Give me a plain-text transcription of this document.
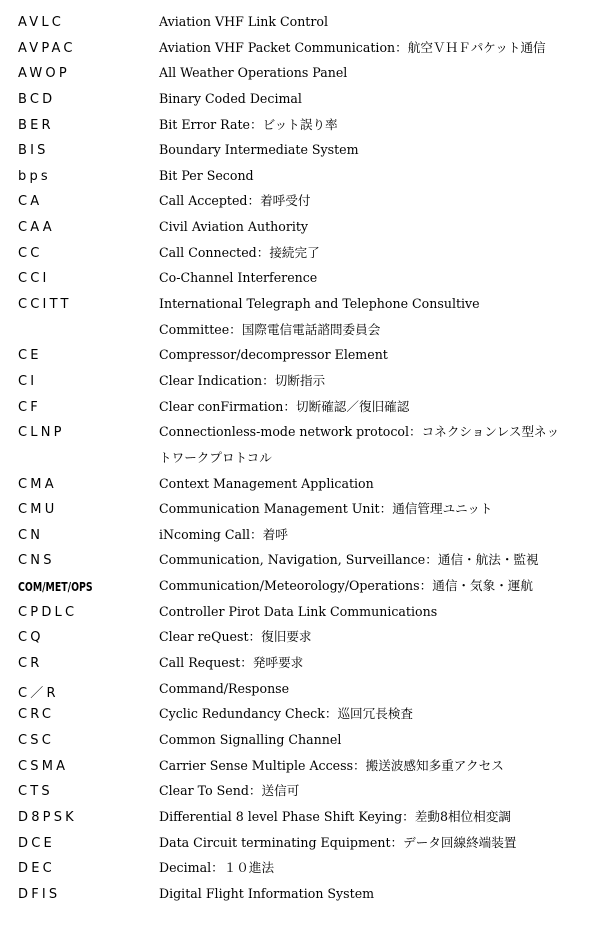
AVLC	Aviation VHF Link Control
AVPAC	Aviation VHF Packet Communication：航空ＶＨＦパケット通信
AWOP	All Weather Operations Panel
BCD	Binary Coded Decimal
BER	Bit Error Rate：ビット誤り率
BIS	Boundary Intermediate System
bps	Bit Per Second
CA	Call Accepted：着呼受付
CAA	Civil Aviation Authority
CC	Call Connected：接続完了
CCI	Co-Channel Interference
CCITT	International Telegraph and Telephone Consultive
Committee：国際電信電話諮問委員会
CE	Compressor/decompressor Element
CI	Clear Indication：切断指示
CF	Clear conFirmation：切断確認／復旧確認
CLNP	Connectionless-mode network protocol：コネクションレス型ネッ
トワークプロトコル
CMA	Context Management Application
CMU	Communication Management Unit：通信管理ユニット
CN	iNcoming Call：着呼
CNS	Communication, Navigation, Surveillance：通信・航法・監視
COM/MET/OPS	Communication/Meteorology/Operations：通信・気象・運航
CPDLC	Controller Pirot Data Link Communications
CQ	Clear reQuest：復旧要求
CR	Call Request：発呼要求
C／R	Command/Response
CRC	Cyclic Redundancy Check：巡回冗長検査
CSC	Common Signalling Channel
CSMA	Carrier Sense Multiple Access：搬送波感知多重アクセス
CTS	Clear To Send：送信可
D8PSK	Differential 8 level Phase Shift Keying：差動8相位相変調
DCE	Data Circuit terminating Equipment：データ回線終端装置
DEC	Decimal：１０進法
DFIS	Digital Flight Information System
